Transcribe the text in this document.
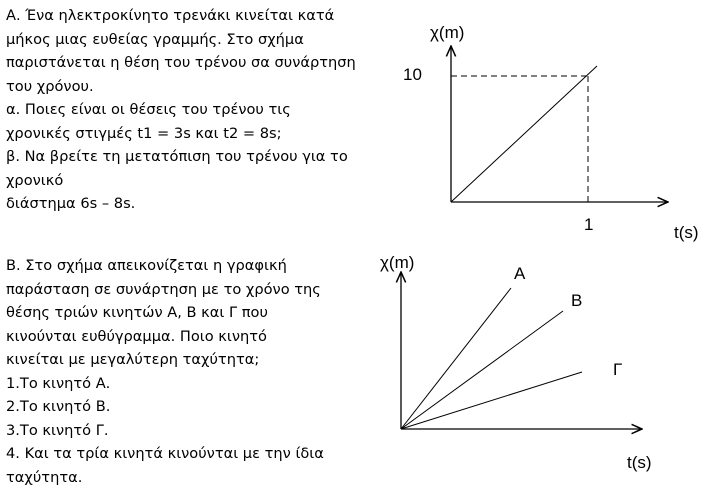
Α. Ένα ηλεκτροκίνητο τρενάκι κινείται κατά
μήκος μιας ευθείας γραμμής. Στο σχήμα
παριστάνεται η θέση του τρένου σα συνάρτηση
του χρόνου.
α. Ποιες είναι οι θέσεις του τρένου τις
χρονικές στιγμές t1 = 3s και t2 = 8s;
β. Να βρείτε τη μετατόπιση του τρένου για το
χρονικό
διάστημα 6s – 8s.
Β. Στο σχήμα απεικονίζεται η γραφική
παράσταση σε συνάρτηση με το χρόνο της
θέσης τριών κινητών Α, Β και Γ που
κινούνται ευθύγραμμα. Ποιο κινητό
κινείται με μεγαλύτερη ταχύτητα;
1.Το κινητό Α.
2.Το κινητό Β.
3.Το κινητό Γ.
4. Και τα τρία κινητά κινούνται με την ίδια
ταχύτητα.
χ(m)
10
1	t(s)
χ(m)
Α
Β
Γ
t(s)
